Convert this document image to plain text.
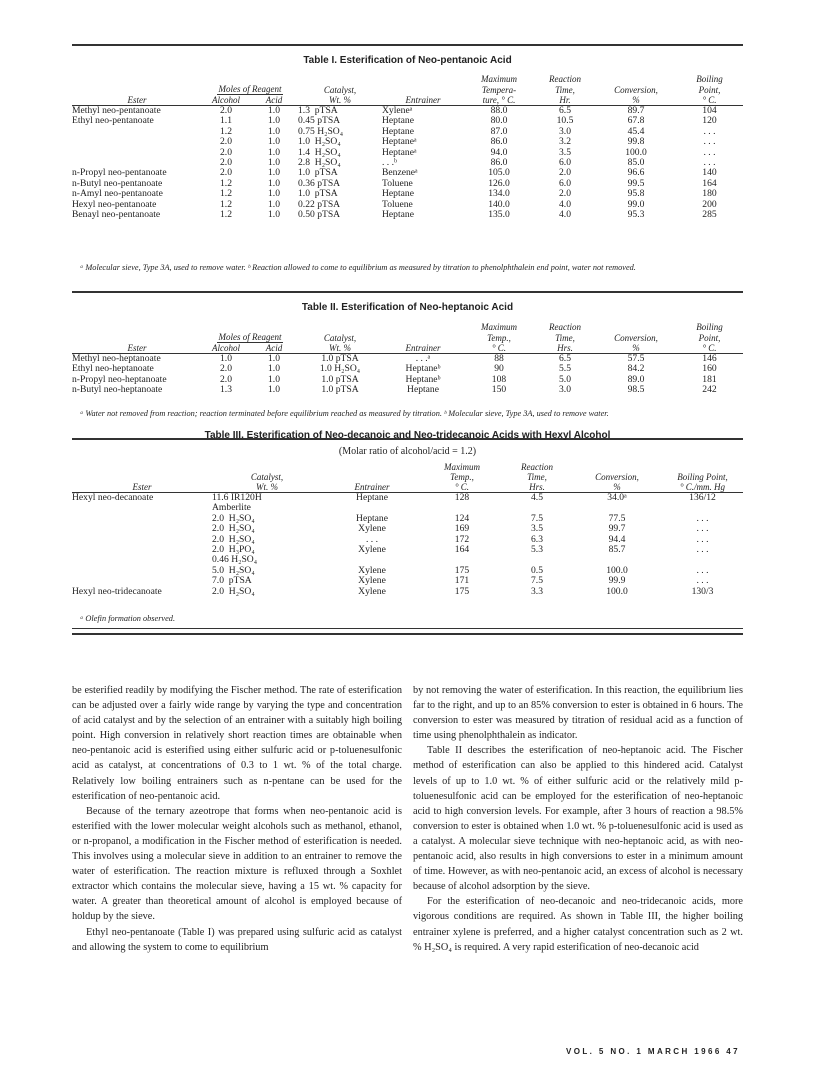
Table I. Esterification of Neo-pentanoic Acid
					Maximum	Reaction		Boiling
	Moles of Reagent		Catalyst,		Tempera-	Time,	Conversion,	Point,
Ester	Alcohol	Acid	Wt. %	Entrainer	ture, ° C.	Hr.	%	° C.
Methyl neo-pentanoate	2.0	1.0	1.3  pTSA	Xyleneᵃ	88.0	6.5	89.7	104
Ethyl neo-pentanoate	1.1	1.0	0.45 pTSA	Heptane	80.0	10.5	67.8	120
	1.2	1.0	0.75 H₂SO₄	Heptane	87.0	3.0	45.4	. . .
	2.0	1.0	1.0  H₂SO₄	Heptaneᵃ	86.0	3.2	99.8	. . .
	2.0	1.0	1.4  H₂SO₄	Heptaneᵃ	94.0	3.5	100.0	. . .
	2.0	1.0	2.8  H₂SO₄	. . .ᵇ	86.0	6.0	85.0	. . .
n-Propyl neo-pentanoate	2.0	1.0	1.0  pTSA	Benzeneᵃ	105.0	2.0	96.6	140
n-Butyl neo-pentanoate	1.2	1.0	0.36 pTSA	Toluene	126.0	6.0	99.5	164
n-Amyl neo-pentanoate	1.2	1.0	1.0  pTSA	Heptane	134.0	2.0	95.8	180
Hexyl neo-pentanoate	1.2	1.0	0.22 pTSA	Toluene	140.0	4.0	99.0	200
Benayl neo-pentanoate	1.2	1.0	0.50 pTSA	Heptane	135.0	4.0	95.3	285
ᵃ Molecular sieve, Type 3A, used to remove water. ᵇ Reaction allowed to come to equilibrium as measured by titration to phenolphthalein end point, water not removed.
Table II. Esterification of Neo-heptanoic Acid
					Maximum	Reaction		Boiling
	Moles of Reagent		Catalyst,		Temp.,	Time,	Conversion,	Point,
Ester	Alcohol	Acid	Wt. %	Entrainer	° C.	Hrs.	%	° C.
Methyl neo-heptanoate	1.0	1.0	1.0 pTSA	. . .ᵃ	88	6.5	57.5	146
Ethyl neo-heptanoate	2.0	1.0	1.0 H₂SO₄	Heptaneᵇ	90	5.5	84.2	160
n-Propyl neo-heptanoate	2.0	1.0	1.0 pTSA	Heptaneᵇ	108	5.0	89.0	181
n-Butyl neo-heptanoate	1.3	1.0	1.0 pTSA	Heptane	150	3.0	98.5	242
ᵃ Water not removed from reaction; reaction terminated before equilibrium reached as measured by titration. ᵇ Molecular sieve, Type 3A, used to remove water.
Table III. Esterification of Neo-decanoic and Neo-tridecanoic Acids with Hexyl Alcohol
(Molar ratio of alcohol/acid = 1.2)
			Maximum	Reaction		
	Catalyst,		Temp.,	Time,	Conversion,	Boiling Point,
Ester	Wt. %	Entrainer	° C.	Hrs.	%	° C./mm. Hg
Hexyl neo-decanoate	11.6 IR120H	Heptane	128	4.5	34.0ᵃ	136/12
	Amberlite					
	2.0  H₂SO₄	Heptane	124	7.5	77.5	. . .
	2.0  H₂SO₄	Xylene	169	3.5	99.7	. . .
	2.0  H₂SO₄	. . .	172	6.3	94.4	. . .
	2.0  H₃PO₄	Xylene	164	5.3	85.7	. . .
	0.46 H₂SO₄					
	5.0  H₂SO₄	Xylene	175	0.5	100.0	. . .
	7.0  pTSA	Xylene	171	7.5	99.9	. . .
Hexyl neo-tridecanoate	2.0  H₂SO₄	Xylene	175	3.3	100.0	130/3
ᵃ Olefin formation observed.

be esterified readily by modifying the Fischer method. The rate of esterification can be adjusted over a fairly wide range by varying the type and concentration of acid catalyst and by the selection of an entrainer with a suitably high boiling point. High conversion in relatively short reaction times are obtainable when neo-pentanoic acid is esterified using either sulfuric acid or p-toluenesulfonic acid as catalyst, at concentrations of 0.3 to 1 wt. % of the total charge. Relatively low boiling entrainers such as n-pentane can be used for the esterification of neo-pentanoic acid.

Because of the ternary azeotrope that forms when neo-pentanoic acid is esterified with the lower molecular weight alcohols such as methanol, ethanol, or n-propanol, a modification in the Fischer method of esterification is needed. This involves using a molecular sieve in addition to an entrainer to remove the water of esterification. The reaction mixture is refluxed through a Soxhlet extractor which contains the molecular sieve, having a 15 wt. % capacity for water. A greater than theoretical amount of alcohol is employed because of holdup by the sieve.

Ethyl neo-pentanoate (Table I) was prepared using sulfuric acid as catalyst and allowing the system to come to equilibrium

by not removing the water of esterification. In this reaction, the equilibrium lies far to the right, and up to an 85% conversion to ester is obtained in 6 hours. The conversion to ester was measured by titration of residual acid as a function of time using phenolphthalein as indicator.

Table II describes the esterification of neo-heptanoic acid. The Fischer method of esterification can also be applied to this hindered acid. Catalyst levels of up to 1.0 wt. % of either sulfuric acid or the relatively mild p-toluenesulfonic acid can be employed for the esterification of neo-heptanoic acid to high conversion levels. For example, after 3 hours of reaction a 98.5% conversion to ester is obtained when 1.0 wt. % p-toluenesulfonic acid is used as a catalyst. A molecular sieve technique with neo-heptanoic acid, as with neo-pentanoic acid, also results in high conversions to ester in a minimum amount of time. However, as with neo-pentanoic acid, an excess of alcohol is necessary because of alcohol adsorption by the sieve.

For the esterification of neo-decanoic and neo-tridecanoic acids, more vigorous conditions are required. As shown in Table III, the higher boiling entrainer xylene is preferred, and a higher catalyst concentration such as 2 wt. % H₂SO₄ is required. A very rapid esterification of neo-decanoic acid

VOL. 5 NO. 1 MARCH 1966 47
